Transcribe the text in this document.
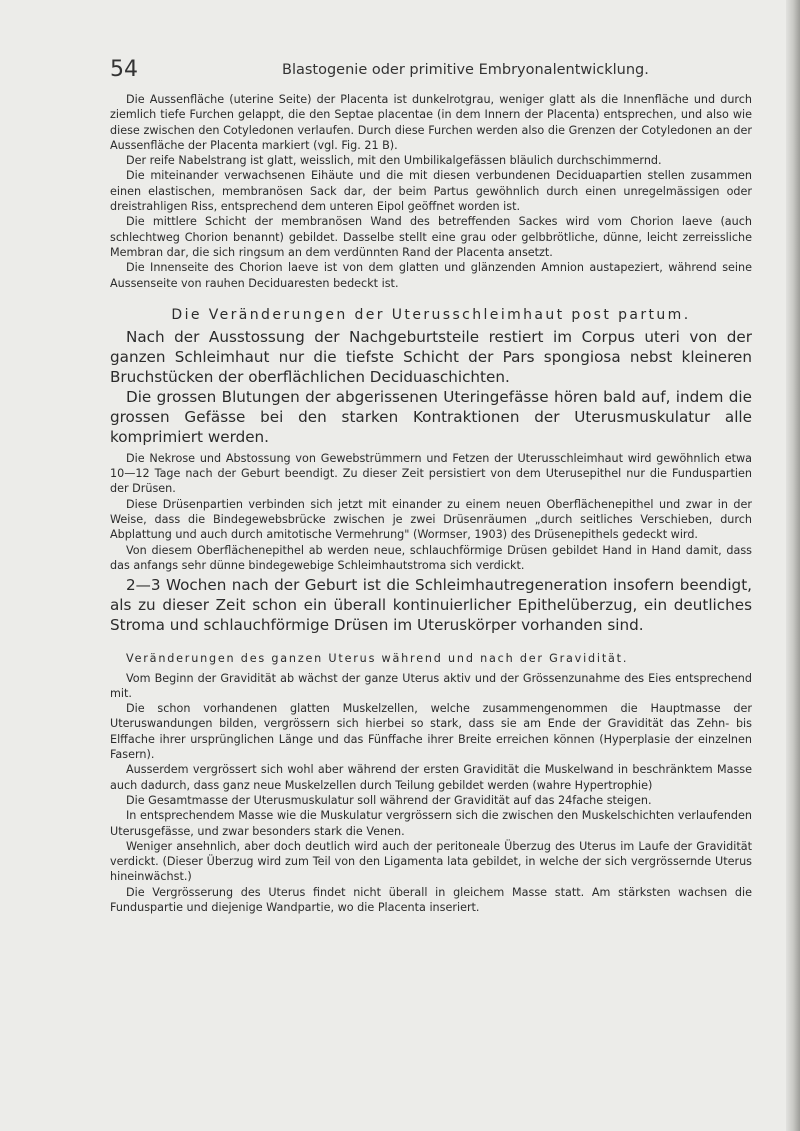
54	Blastogenie oder primitive Embryonalentwicklung.

Die Aussenfläche (uterine Seite) der Placenta ist dunkelrotgrau, weniger glatt als die Innenfläche und durch ziemlich tiefe Furchen gelappt, die den Septae placentae (in dem Innern der Placenta) entsprechen, und also wie diese zwischen den Cotyledonen verlaufen. Durch diese Furchen werden also die Grenzen der Cotyledonen an der Aussenfläche der Placenta markiert (vgl. Fig. 21 B).

Der reife Nabelstrang ist glatt, weisslich, mit den Umbilikalgefässen bläulich durchschimmernd.

Die miteinander verwachsenen Eihäute und die mit diesen verbundenen Deciduapartien stellen zusammen einen elastischen, membranösen Sack dar, der beim Partus gewöhnlich durch einen unregelmässigen oder dreistrahligen Riss, entsprechend dem unteren Eipol geöffnet worden ist.

Die mittlere Schicht der membranösen Wand des betreffenden Sackes wird vom Chorion laeve (auch schlechtweg Chorion benannt) gebildet. Dasselbe stellt eine grau oder gelbbrötliche, dünne, leicht zerreissliche Membran dar, die sich ringsum an dem verdünnten Rand der Placenta ansetzt.

Die Innenseite des Chorion laeve ist von dem glatten und glänzenden Amnion austapeziert, während seine Aussenseite von rauhen Deciduaresten bedeckt ist.

Die Veränderungen der Uterusschleimhaut post partum.

Nach der Ausstossung der Nachgeburtsteile restiert im Corpus uteri von der ganzen Schleimhaut nur die tiefste Schicht der Pars spongiosa nebst kleineren Bruchstücken der oberflächlichen Deciduaschichten.

Die grossen Blutungen der abgerissenen Uteringefässe hören bald auf, indem die grossen Gefässe bei den starken Kontraktionen der Uterusmuskulatur alle komprimiert werden.

Die Nekrose und Abstossung von Gewebstrümmern und Fetzen der Uterusschleimhaut wird gewöhnlich etwa 10—12 Tage nach der Geburt beendigt. Zu dieser Zeit persistiert von dem Uterusepithel nur die Funduspartien der Drüsen.

Diese Drüsenpartien verbinden sich jetzt mit einander zu einem neuen Oberflächenepithel und zwar in der Weise, dass die Bindegewebsbrücke zwischen je zwei Drüsenräumen „durch seitliches Verschieben, durch Abplattung und auch durch amitotische Vermehrung" (Wormser, 1903) des Drüsenepithels gedeckt wird.

Von diesem Oberflächenepithel ab werden neue, schlauchförmige Drüsen gebildet Hand in Hand damit, dass das anfangs sehr dünne bindegewebige Schleimhautstroma sich verdickt.

2—3 Wochen nach der Geburt ist die Schleimhautregeneration insofern beendigt, als zu dieser Zeit schon ein überall kontinuierlicher Epithelüberzug, ein deutliches Stroma und schlauchförmige Drüsen im Uteruskörper vorhanden sind.

Veränderungen des ganzen Uterus während und nach der Gravidität.

Vom Beginn der Gravidität ab wächst der ganze Uterus aktiv und der Grössenzunahme des Eies entsprechend mit.

Die schon vorhandenen glatten Muskelzellen, welche zusammengenommen die Hauptmasse der Uteruswandungen bilden, vergrössern sich hierbei so stark, dass sie am Ende der Gravidität das Zehn- bis Elffache ihrer ursprünglichen Länge und das Fünffache ihrer Breite erreichen können (Hyperplasie der einzelnen Fasern).

Ausserdem vergrössert sich wohl aber während der ersten Gravidität die Muskelwand in beschränktem Masse auch dadurch, dass ganz neue Muskelzellen durch Teilung gebildet werden (wahre Hypertrophie)

Die Gesamtmasse der Uterusmuskulatur soll während der Gravidität auf das 24fache steigen.

In entsprechendem Masse wie die Muskulatur vergrössern sich die zwischen den Muskelschichten verlaufenden Uterusgefässe, und zwar besonders stark die Venen.

Weniger ansehnlich, aber doch deutlich wird auch der peritoneale Überzug des Uterus im Laufe der Gravidität verdickt. (Dieser Überzug wird zum Teil von den Ligamenta lata gebildet, in welche der sich vergrössernde Uterus hineinwächst.)

Die Vergrösserung des Uterus findet nicht überall in gleichem Masse statt. Am stärksten wachsen die Funduspartie und diejenige Wandpartie, wo die Placenta inseriert.
